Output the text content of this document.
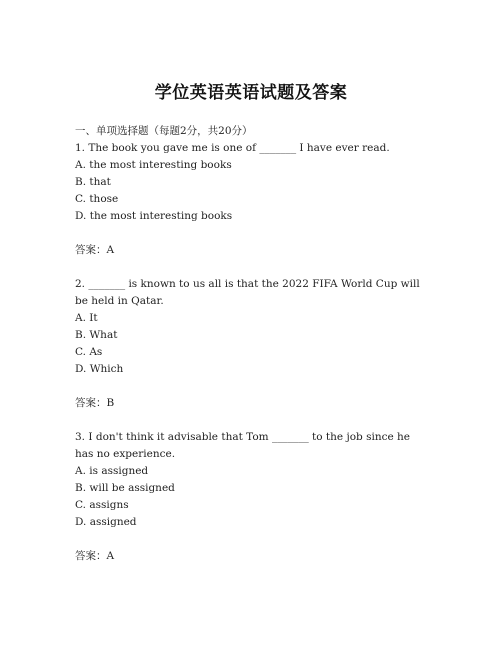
学位英语英语试题及答案

一、单项选择题（每题2分，共20分）

1. The book you gave me is one of _______ I have ever read.

A. the most interesting books

B. that

C. those

D. the most interesting books

答案：A

2. _______ is known to us all is that the 2022 FIFA World Cup will be held in Qatar.

A. It

B. What

C. As

D. Which

答案：B

3. I don't think it advisable that Tom _______ to the job since he has no experience.

A. is assigned

B. will be assigned

C. assigns

D. assigned

答案：A
